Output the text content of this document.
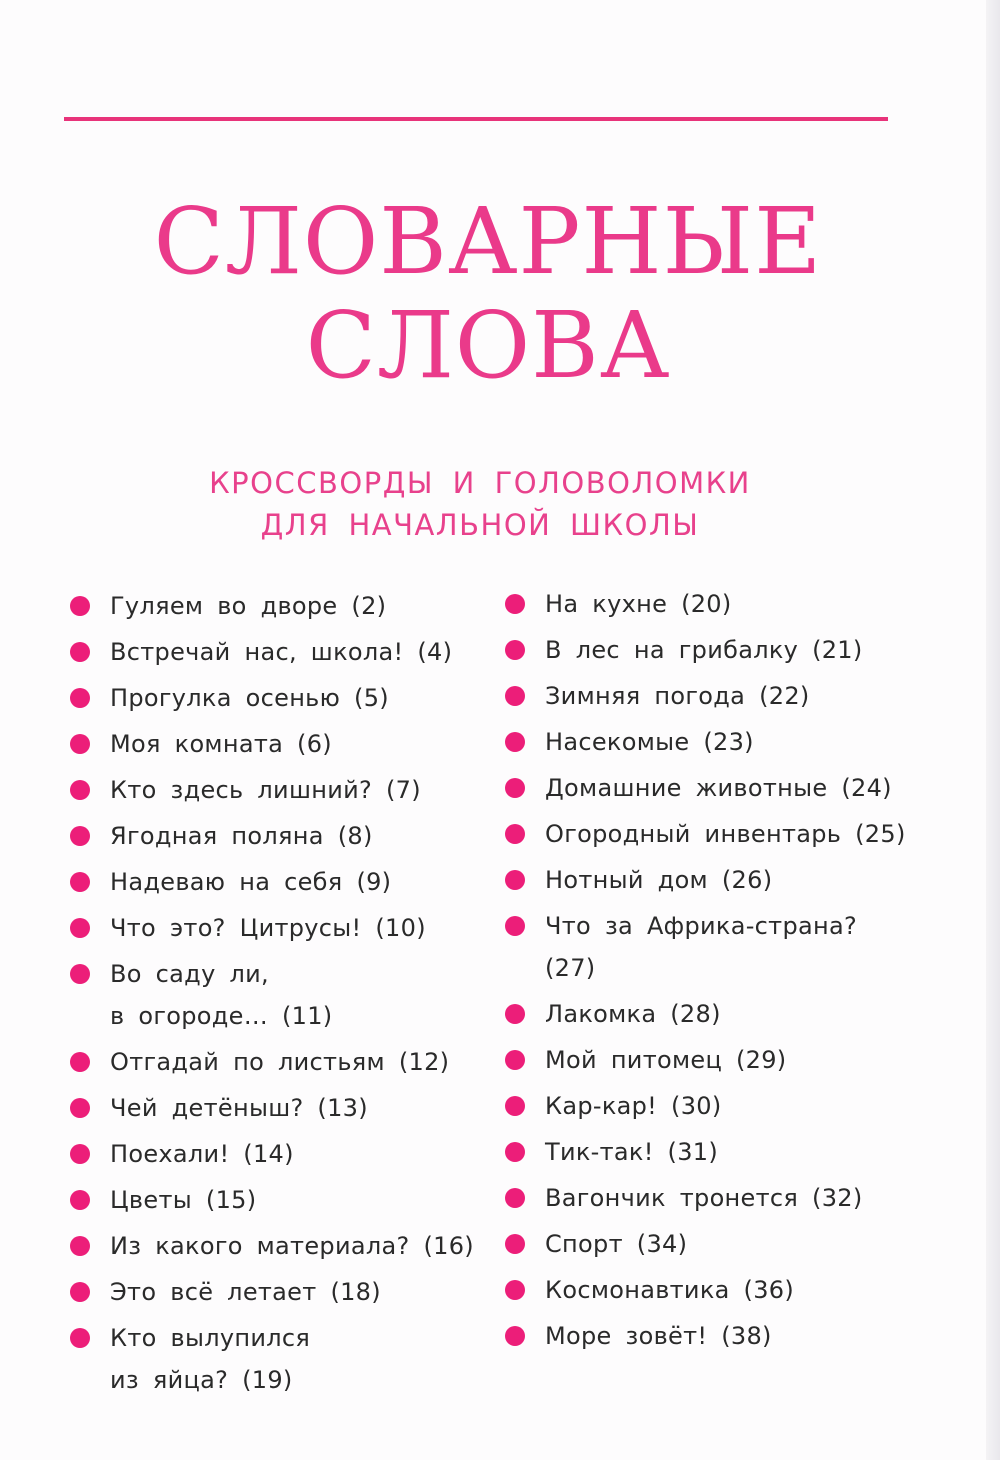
СЛОВАРНЫЕ
СЛОВА
КРОССВОРДЫ И ГОЛОВОЛОМКИ
ДЛЯ НАЧАЛЬНОЙ ШКОЛЫ
Гуляем во дворе (2)
Встречай нас, школа! (4)
Прогулка осенью (5)
Моя комната (6)
Кто здесь лишний? (7)
Ягодная поляна (8)
Надеваю на себя (9)
Что это? Цитрусы! (10)
Во саду ли,
в огороде… (11)
Отгадай по листьям (12)
Чей детёныш? (13)
Поехали! (14)
Цветы (15)
Из какого материала? (16)
Это всё летает (18)
Кто вылупился
из яйца? (19)
На кухне (20)
В лес на грибалку (21)
Зимняя погода (22)
Насекомые (23)
Домашние животные (24)
Огородный инвентарь (25)
Нотный дом (26)
Что за Африка-страна?
(27)
Лакомка (28)
Мой питомец (29)
Кар-кар! (30)
Тик-так! (31)
Вагончик тронется (32)
Спорт (34)
Космонавтика (36)
Море зовёт! (38)
